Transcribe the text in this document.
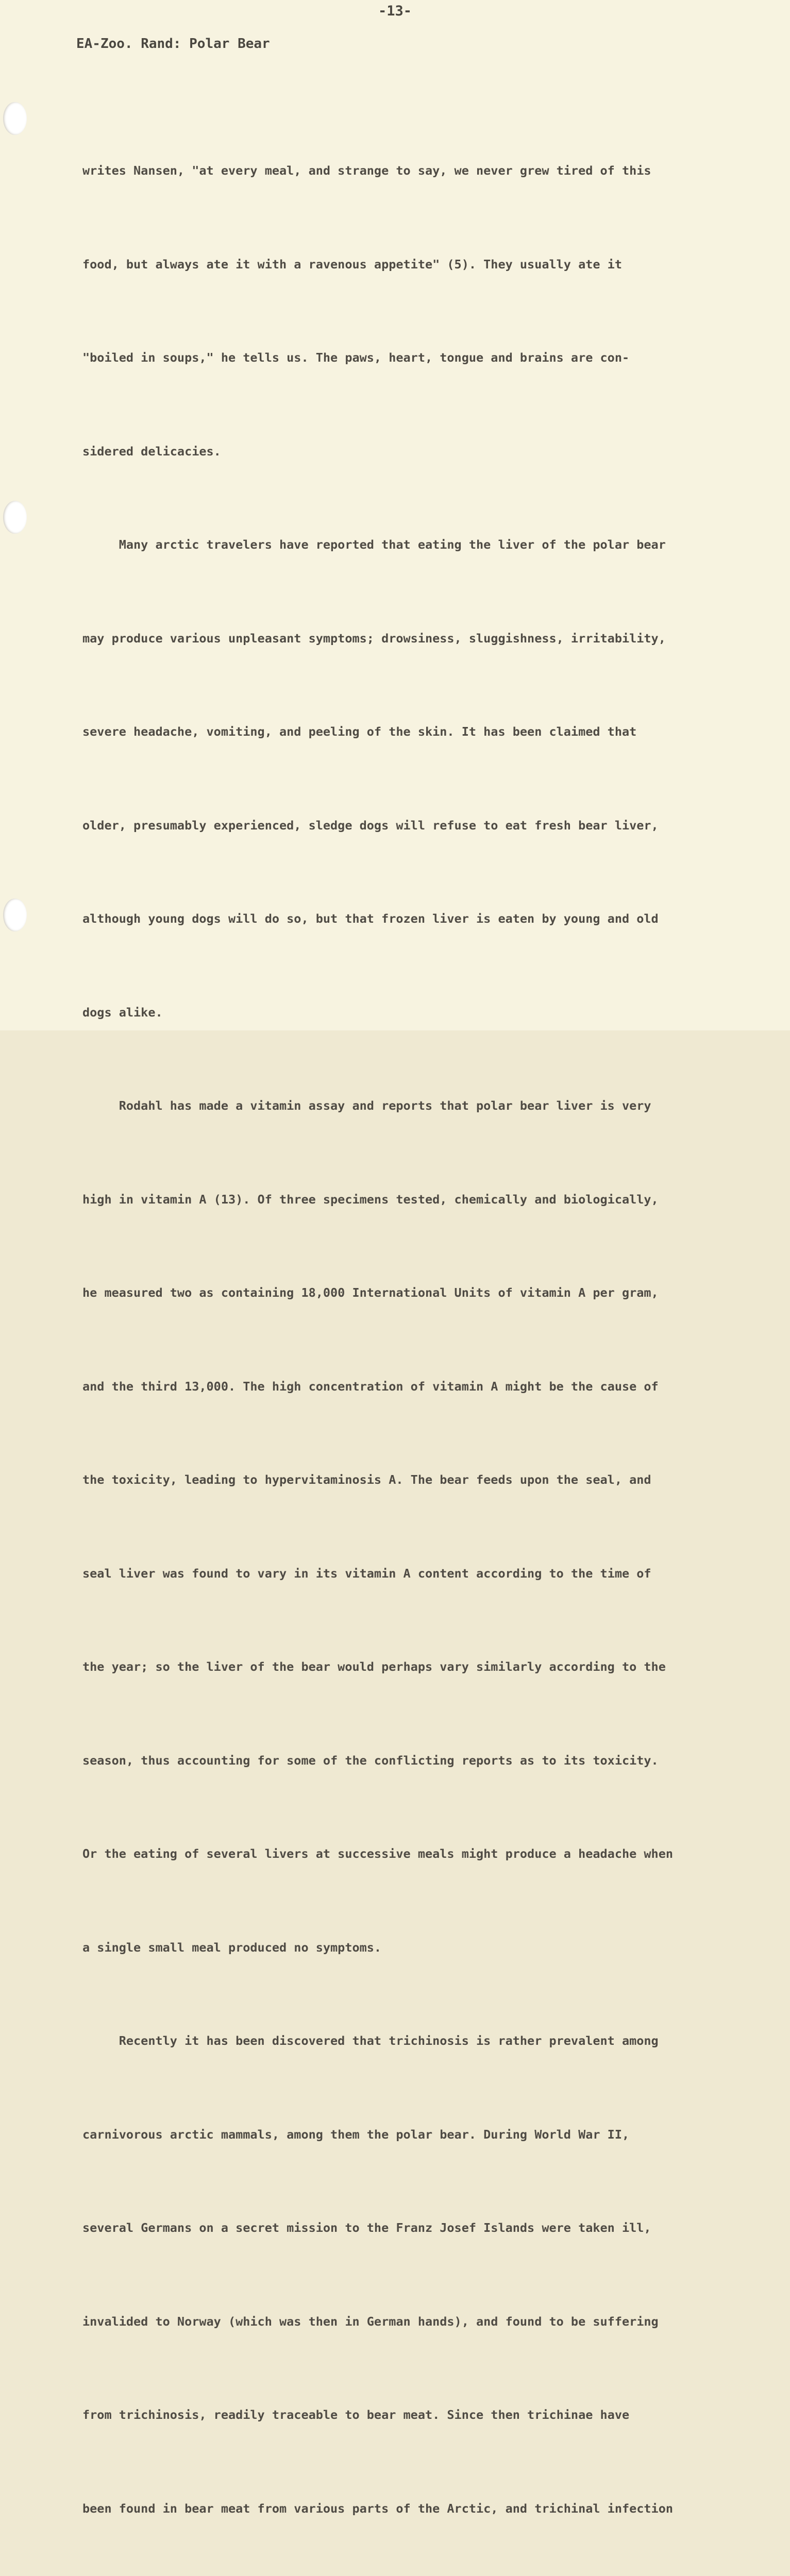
-13-

EA-Zoo. Rand: Polar Bear

writes Nansen, "at every meal, and strange to say, we never grew tired of this

food, but always ate it with a ravenous appetite" (5). They usually ate it

"boiled in soups," he tells us. The paws, heart, tongue and brains are con-

sidered delicacies.

Many arctic travelers have reported that eating the liver of the polar bear

may produce various unpleasant symptoms; drowsiness, sluggishness, irritability,

severe headache, vomiting, and peeling of the skin. It has been claimed that

older, presumably experienced, sledge dogs will refuse to eat fresh bear liver,

although young dogs will do so, but that frozen liver is eaten by young and old

dogs alike.

Rodahl has made a vitamin assay and reports that polar bear liver is very

high in vitamin A (13). Of three specimens tested, chemically and biologically,

he measured two as containing 18,000 International Units of vitamin A per gram,

and the third 13,000. The high concentration of vitamin A might be the cause of

the toxicity, leading to hypervitaminosis A. The bear feeds upon the seal, and

seal liver was found to vary in its vitamin A content according to the time of

the year; so the liver of the bear would perhaps vary similarly according to the

season, thus accounting for some of the conflicting reports as to its toxicity.

Or the eating of several livers at successive meals might produce a headache when

a single small meal produced no symptoms.

Recently it has been discovered that trichinosis is rather prevalent among

carnivorous arctic mammals, among them the polar bear. During World War II,

several Germans on a secret mission to the Franz Josef Islands were taken ill,

invalided to Norway (which was then in German hands), and found to be suffering

from trichinosis, readily traceable to bear meat. Since then trichinae have

been found in bear meat from various parts of the Arctic, and trichinal infection
